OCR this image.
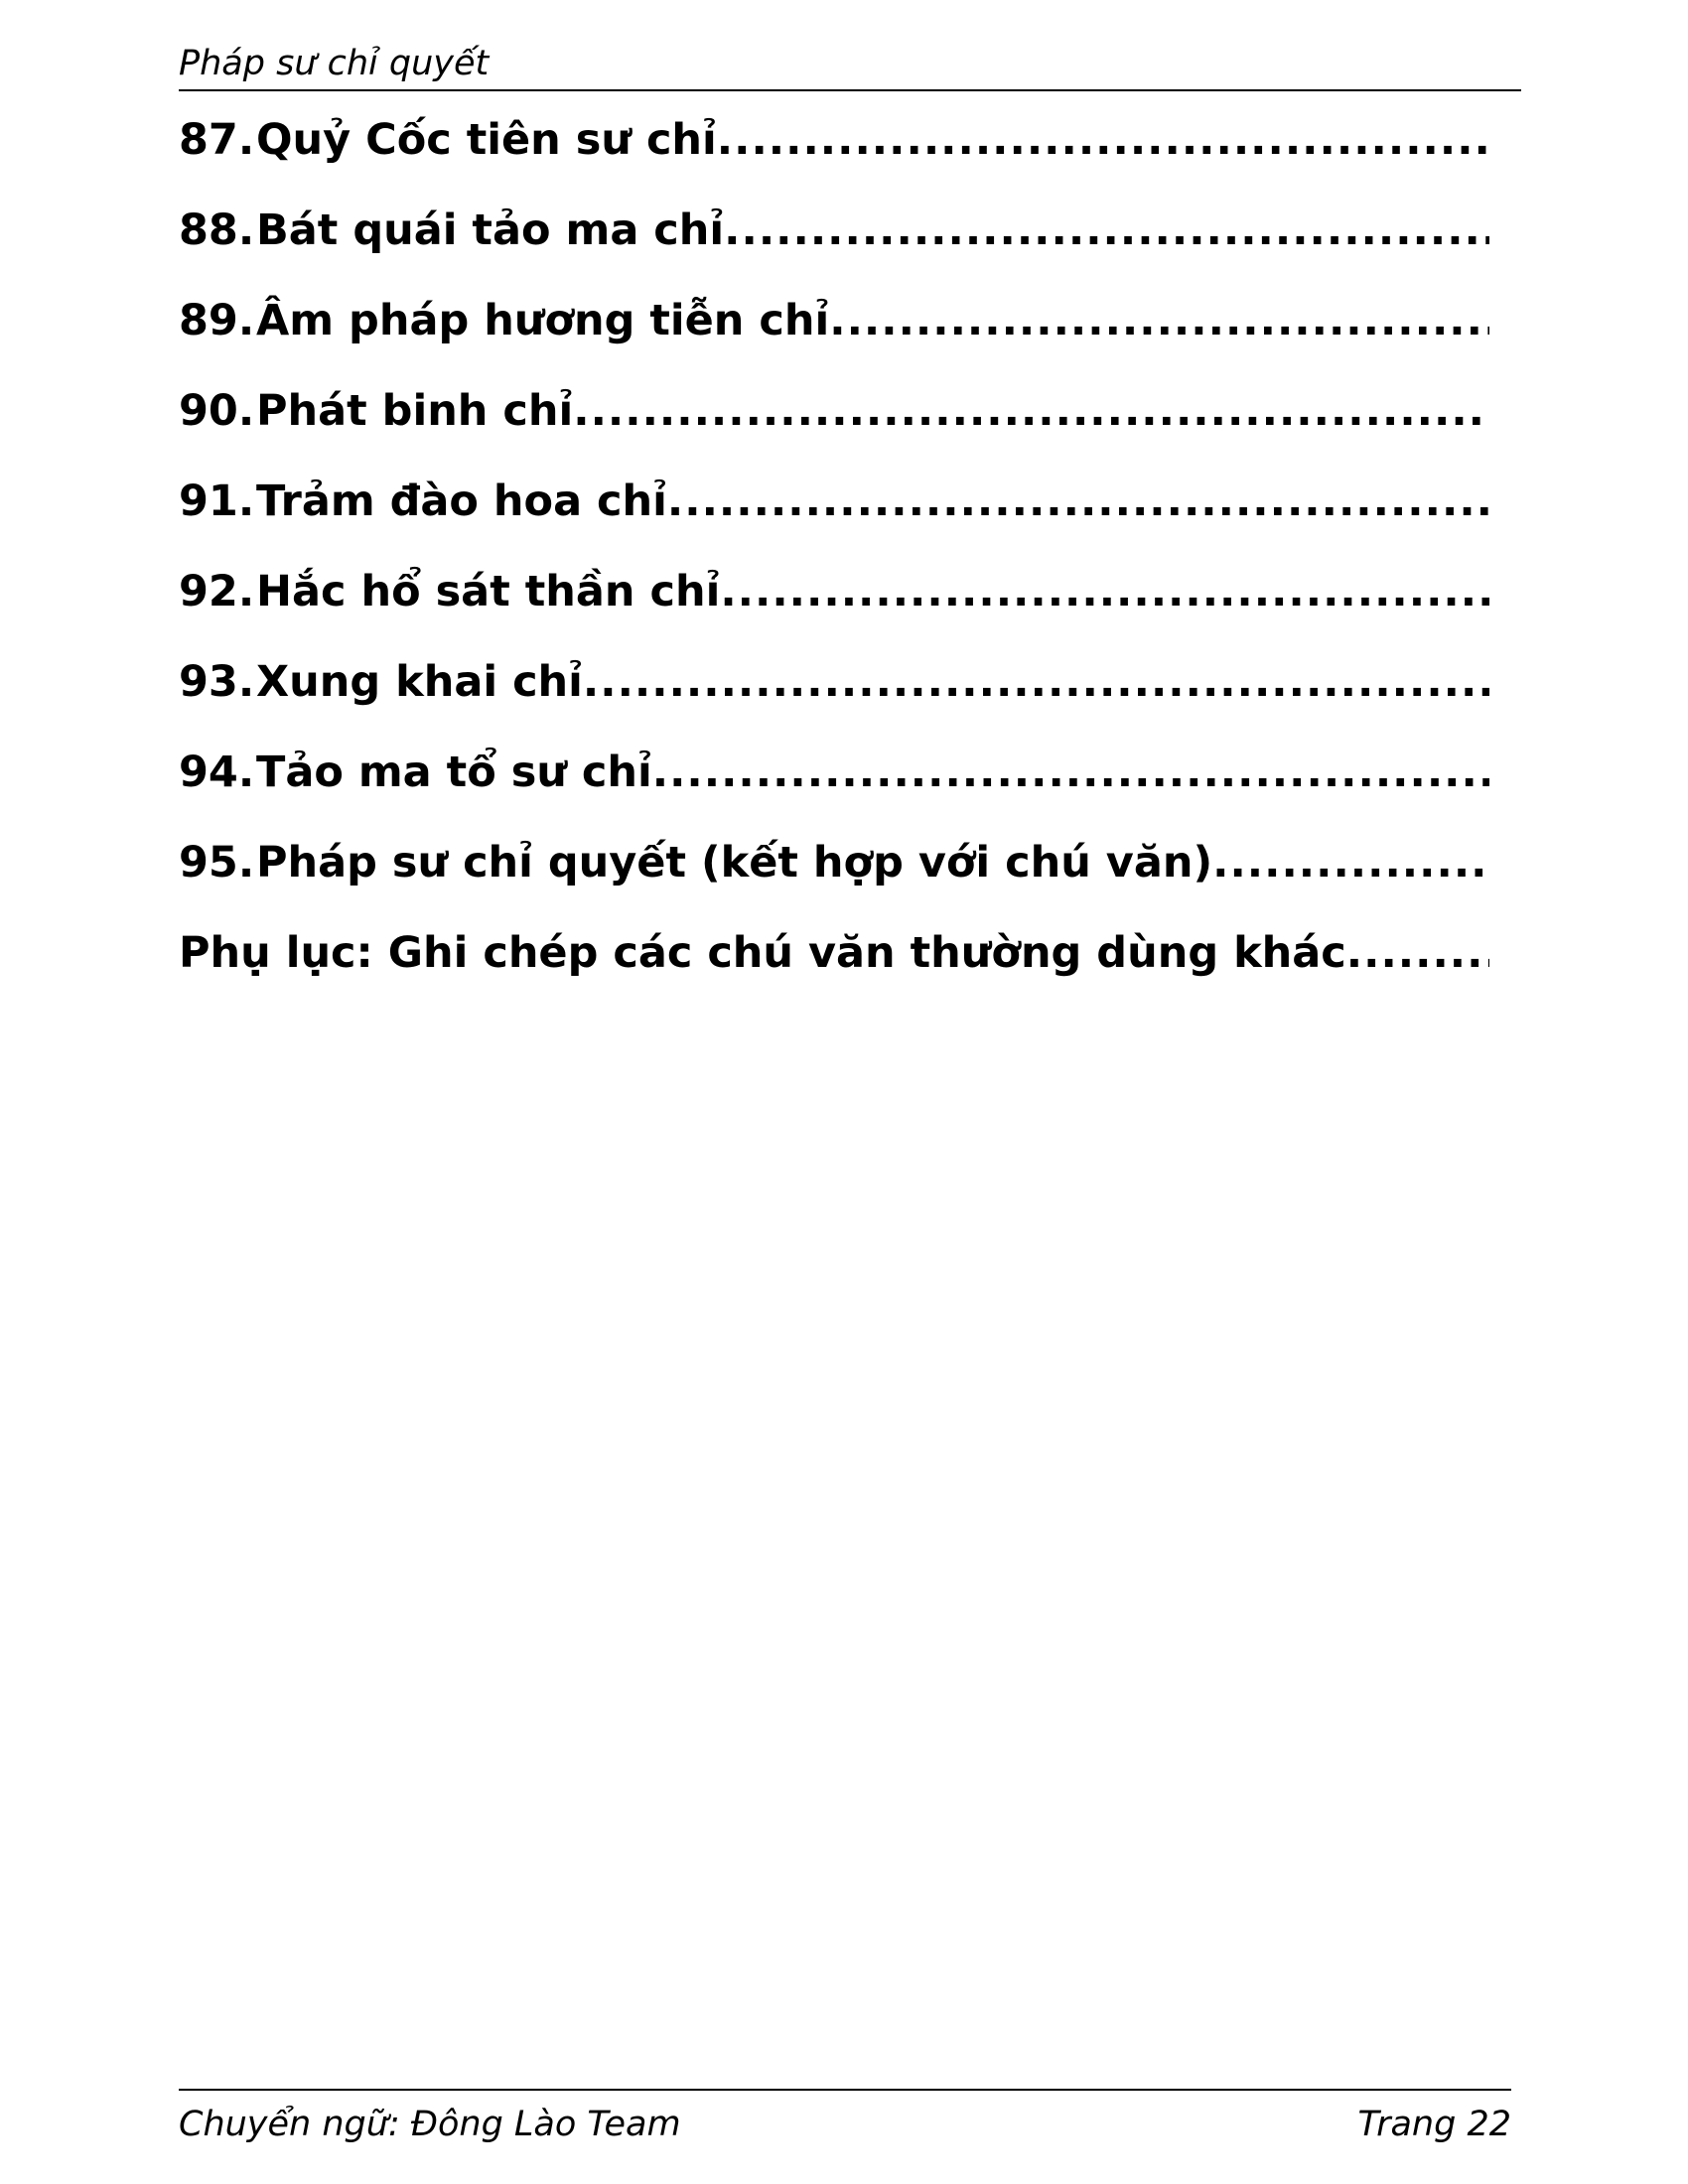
Pháp sư chỉ quyết
87. Quỷ Cốc tiên sư chỉ
.....
88. Bát quái tảo ma chỉ
.....
89. Âm pháp hương tiễn chỉ
.....
90. Phát binh chỉ
.....
91. Trảm đào hoa chỉ
.....
92. Hắc hổ sát thần chỉ
.....
93. Xung khai chỉ
.....
94. Tảo ma tổ sư chỉ
.....
95. Pháp sư chỉ quyết (kết hợp với chú văn)
.....
Phụ lục: Ghi chép các chú văn thường dùng khác
.....
Chuyển ngữ: Đông Lào Team	Trang 22
